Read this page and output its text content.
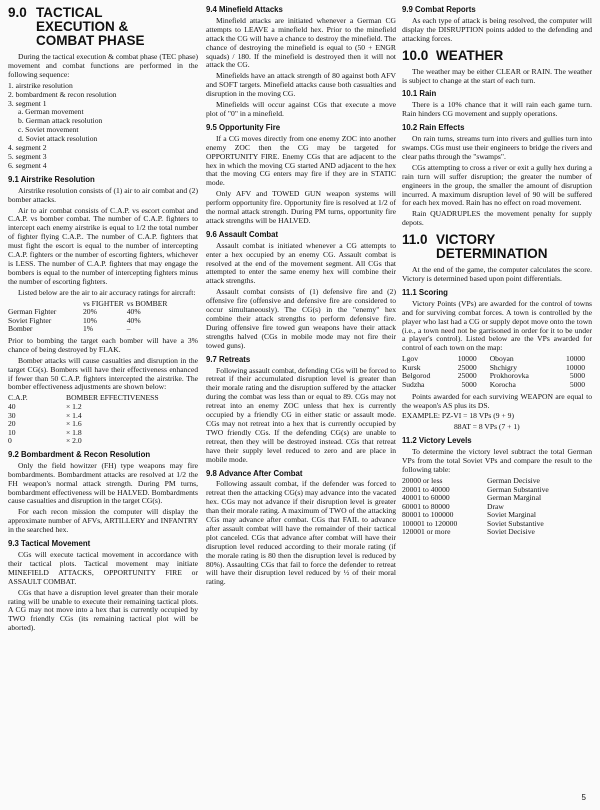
9.0 TACTICAL
EXECUTION &
COMBAT PHASE

During the tactical execution & combat phase (TEC phase) movement and combat functions are performed in the following sequence:

1. airstrike resolution
2. bombardment & recon resolution
3. segment 1
a. German movement
b. German attack resolution
c. Soviet movement
d. Soviet attack resolution
4. segment 2
5. segment 3
6. segment 4
9.1 Airstrike Resolution

Airstrike resolution consists of (1) air to air combat and (2) bomber attacks.

Air to air combat consists of C.A.P. vs escort combat and C.A.P. vs bomber combat. The number of C.A.P. fighters to intercept each enemy airstrike is equal to 1/2 the total number of fighter flying C.A.P.. The number of C.A.P. fighters that must fight the escort is equal to the number of intercepting C.A.P. fighters or the number of escorting fighters, whichever is LESS. The number of C.A.P. fighters that may engage the bombers is equal to the number of intercepting fighters minus the number of escorting fighters.

Listed below are the air to air accuracy ratings for aircraft:

	vs FIGHTER	vs BOMBER
German Fighter	20%	40%
Soviet Fighter	10%	40%
Bomber	1%	–

Prior to bombing the target each bomber will have a 3% chance of being destroyed by FLAK.

Bomber attacks will cause casualties and disruption in the target CG(s). Bombers will have their effectiveness enhanced if fewer than 50 C.A.P. fighters intercepted the airstrike. The bomber effectiveness adjustments are shown below:

C.A.P.	BOMBER EFFECTIVENESS
40	× 1.2
30	× 1.4
20	× 1.6
10	× 1.8
0	× 2.0
9.2 Bombardment & Recon Resolution

Only the field howitzer (FH) type weapons may fire bombardments. Bombardment attacks are resolved at 1/2 the FH weapon's normal attack strength. During PM turns, bombardment effectiveness will be HALVED. Bombardments cause casualties and disruption in the target CG(s).

For each recon mission the computer will display the approximate number of AFVs, ARTILLERY and INFANTRY in the searched hex.

9.3 Tactical Movement

CGs will execute tactical movement in accordance with their tactical plots. Tactical movement may initiate MINEFIELD ATTACKS, OPPORTUNITY FIRE or ASSAULT COMBAT.

CGs that have a disruption level greater than their morale rating will be unable to execute their remaining tactical plots. A CG may not move into a hex that is currently occupied by TWO friendly CGs (its remaining tactical plot will be aborted).

9.4 Minefield Attacks

Minefield attacks are initiated whenever a German CG attempts to LEAVE a minefield hex. Prior to the minefield attack the CG will have a chance to destroy the minefield. The chance of destroying the minefield is equal to (50 + ENGR squads) / 180. If the minefield is destroyed then it will not attack the CG.

Minefields have an attack strength of 80 against both AFV and SOFT targets. Minefield attacks cause both casualties and disruption in the moving CG.

Minefields will occur against CGs that execute a move plot of "0" in a minefield.

9.5 Opportunity Fire

If a CG moves directly from one enemy ZOC into another enemy ZOC then the CG may be targeted for OPPORTUNITY FIRE. Enemy CGs that are adjacent to the hex in which the moving CG started AND adjacent to the hex that the moving CG enters may fire if they are in STATIC mode.

Only AFV and TOWED GUN weapon systems will perform opportunity fire. Opportunity fire is resolved at 1/2 of the normal attack strength. During PM turns, opportunity fire attack strengths will be HALVED.

9.6 Assault Combat

Assault combat is initiated whenever a CG attempts to enter a hex occupied by an enemy CG. Assault combat is resolved at the end of the movement segment. All CGs that attempted to enter the same enemy hex will combine their attack strengths.

Assault combat consists of (1) defensive fire and (2) offensive fire (offensive and defensive fire are considered to occur simultaneously). The CG(s) in the "enemy" hex combine their attack strengths to perform defensive fire. During offensive fire towed gun weapons have their attack strengths halved (CGs in mobile mode may not fire their towed guns).

9.7 Retreats

Following assault combat, defending CGs will be forced to retreat if their accumulated disruption level is greater than their morale rating and the disruption suffered by the attacker during the combat was less than or equal to 89. CGs may not retreat into an enemy ZOC unless that hex is currently occupied by a friendly CG in either static or assault mode. CGs may not retreat into a hex that is currently occupied by TWO friendly CGs. If the defending CG(s) are unable to retreat, then they will be destroyed instead. CGs that retreat have their supply level reduced to zero and are place in mobile mode.

9.8 Advance After Combat

Following assault combat, if the defender was forced to retreat then the attacking CG(s) may advance into the vacated hex. CGs may not advance if their disruption level is greater than their morale rating. A maximum of TWO of the attacking CGs may advance after combat. CGs that FAIL to advance after assault combat will have the remainder of their tactical plot canceled. CGs that advance after combat will have their disruption level reduced according to their morale rating (if the morale rating is 80 then the disruption level is reduced by 80%). Assaulting CGs that fail to force the defender to retreat will have their disruption level reduced by ½ of their moral rating.

9.9 Combat Reports

As each type of attack is being resolved, the computer will display the DISRUPTION points added to the defending and attacking forces.

10.0 WEATHER

The weather may be either CLEAR or RAIN. The weather is subject to change at the start of each turn.

10.1 Rain

There is a 10% chance that it will rain each game turn. Rain hinders CG movement and supply operations.

10.2 Rain Effects

On rain turns, streams turn into rivers and gullies turn into swamps. CGs must use their engineers to bridge the rivers and clear paths through the "swamps".

CGs attempting to cross a river or exit a gully hex during a rain turn will suffer disruption; the greater the number of engineers in the group, the smaller the amount of disruption incurred. A maximum disruption level of 90 will be suffered for each hex moved. Rain has no effect on road movement.

Rain QUADRUPLES the movement penalty for supply depots.

11.0 VICTORY
DETERMINATION

At the end of the game, the computer calculates the score. Victory is determined based upon point differentials.

11.1 Scoring

Victory Points (VPs) are awarded for the control of towns and for surviving combat forces. A town is controlled by the player who last had a CG or supply depot move onto the town (i.e., a town need not be garrisoned in order for it to be under a player's control). Listed below are the VPs awarded for control of each town on the map:

Lgov	10000	Oboyan	10000
Kursk	25000	Shchigry	10000
Belgorod	25000	Prokhorovka	5000
Sudzha	5000	Korocha	5000

Points awarded for each surviving WEAPON are equal to the weapon's AS plus its DS.

EXAMPLE: PZ-VI = 18 VPs (9 + 9)

88AT = 8 VPs (7 + 1)

11.2 Victory Levels

To determine the victory level subtract the total German VPs from the total Soviet VPs and compare the result to the following table:

20000 or less	German Decisive
20001 to 40000	German Substantive
40001 to 60000	German Marginal
60001 to 80000	Draw
80001 to 100000	Soviet Marginal
100001 to 120000	Soviet Substantive
120001 or more	Soviet Decisive
5
